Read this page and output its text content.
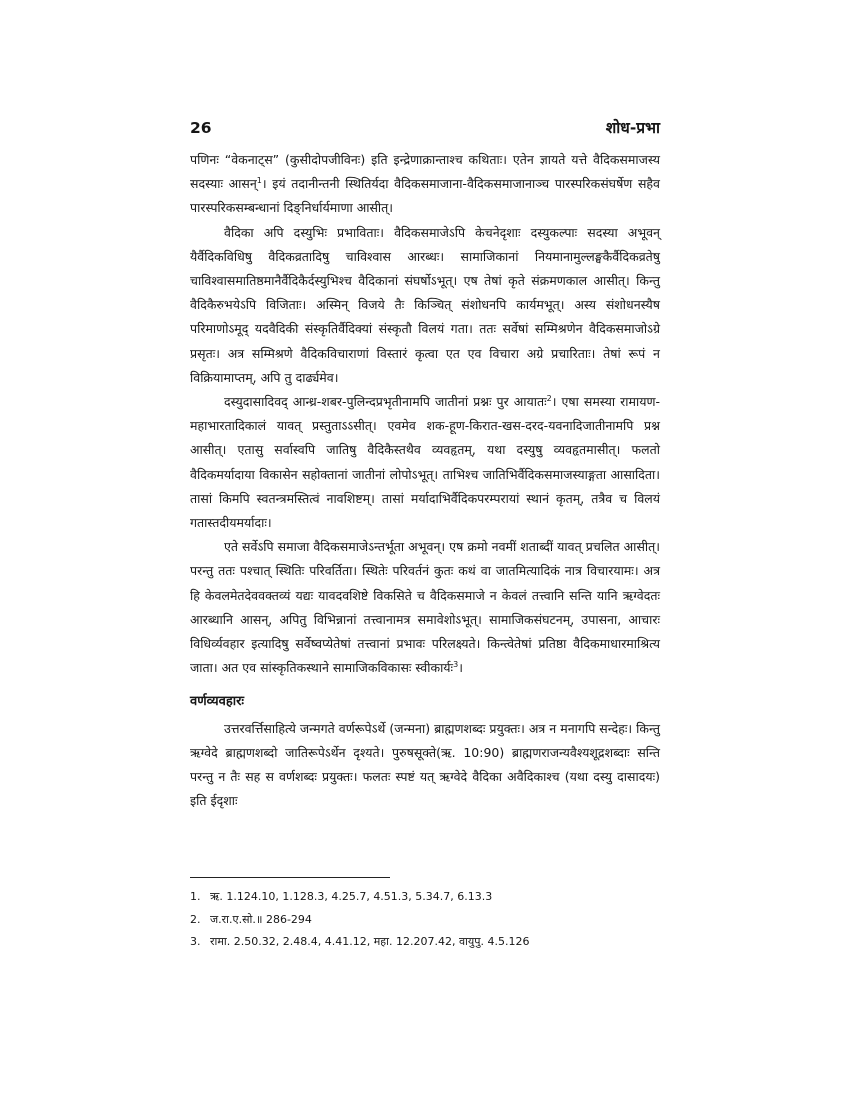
26	शोध-प्रभा

पणिनः “वेकनाट्स” (कुसीदोपजीविनः) इति इन्द्रेणाक्रान्ताश्च कथिताः। एतेन ज्ञायते यत्ते वैदिकसमाजस्य सदस्याः आसन्$^1$। इयं तदानीन्तनी स्थितिर्यदा वैदिकसमाजाना-वैदिकसमाजानाञ्च पारस्परिकसंघर्षेण सहैव पारस्परिकसम्बन्धानां दिङ्निर्धार्यमाणा आसीत्।

वैदिका अपि दस्युभिः प्रभाविताः। वैदिकसमाजेऽपि केचनेदृशाः दस्युकल्पाः सदस्या अभूवन् यैर्वैदिकविधिषु वैदिकव्रतादिषु चाविश्वास आरब्धः। सामाजिकानां नियमानामुल्लङ्घकैर्वैदिकव्रतेषु चाविश्वासमातिष्ठमानैर्वैदिकैर्दस्युभिश्च वैदिकानां संघर्षोऽभूत्। एष तेषां कृते संक्रमणकाल आसीत्। किन्तु वैदिकैरुभयेऽपि विजिताः। अस्मिन् विजये तैः किञ्चित् संशोधनपि कार्यमभूत्। अस्य संशोधनस्यैष परिमाणोऽमूद् यदवैदिकी संस्कृतिर्वैदिक्यां संस्कृतौ विलयं गता। ततः सर्वेषां सम्मिश्रणेन वैदिकसमाजोऽग्रे प्रसृतः। अत्र सम्मिश्रणे वैदिकविचाराणां विस्तारं कृत्वा एत एव विचारा अग्रे प्रचारिताः। तेषां रूपं न विक्रियामाप्तम्, अपि तु दार्ढ्यमेव।

दस्युदासादिवद् आन्ध्र-शबर-पुलिन्दप्रभृतीनामपि जातीनां प्रश्नः पुर आयातः$^2$। एषा समस्या रामायण-महाभारतादिकालं यावत् प्रस्तुताऽऽसीत्। एवमेव शक-हूण-किरात-खस-दरद-यवनादिजातीनामपि प्रश्न आसीत्। एतासु सर्वास्वपि जातिषु वैदिकैस्तथैव व्यवहृतम्, यथा दस्युषु व्यवहृतमासीत्। फलतो वैदिकमर्यादाया विकासेन सहोक्तानां जातीनां लोपोऽभूत्। ताभिश्च जातिभिर्वैदिकसमाजस्याङ्गता आसादिता। तासां किमपि स्वतन्त्रमस्तित्वं नावशिष्टम्। तासां मर्यादाभिर्वैदिकपरम्परायां स्थानं कृतम्, तत्रैव च विलयं गतास्तदीयमर्यादाः।

एते सर्वेऽपि समाजा वैदिकसमाजेऽन्तर्भूता अभूवन्। एष क्रमो नवमीं शताब्दीं यावत् प्रचलित आसीत्। परन्तु ततः पश्चात् स्थितिः परिवर्तिता। स्थितेः परिवर्तनं कुतः कथं वा जातमित्यादिकं नात्र विचारयामः। अत्र हि केवलमेतदेववक्तव्यं यद्यः यावदवशिष्टे विकसिते च वैदिकसमाजे न केवलं तत्त्वानि सन्ति यानि ऋग्वेदतः आरब्धानि आसन्, अपितु विभिन्नानां तत्त्वानामत्र समावेशोऽभूत्। सामाजिकसंघटनम्, उपासना, आचारः विधिर्व्यवहार इत्यादिषु सर्वेष्वप्येतेषां तत्त्वानां प्रभावः परिलक्ष्यते। किन्त्वेतेषां प्रतिष्ठा वैदिकमाधारमाश्रित्य जाता। अत एव सांस्कृतिकस्थाने सामाजिकविकासः स्वीकार्यः$^3$।

वर्णव्यवहारः

उत्तरवर्त्तिसाहित्ये जन्मगते वर्णरूपेऽर्थे (जन्मना) ब्राह्मणशब्दः प्रयुक्तः। अत्र न मनागपि सन्देहः। किन्तु ऋग्वेदे ब्राह्मणशब्दो जातिरूपेऽर्थेन दृश्यते। पुरुषसूक्ते(ऋ. 10:90) ब्राह्मणराजन्यवैश्यशूद्रशब्दाः सन्ति परन्तु न तैः सह स वर्णशब्दः प्रयुक्तः। फलतः स्पष्टं यत् ऋग्वेदे वैदिका अवैदिकाश्च (यथा दस्यु दासादयः) इति ईदृशाः

1. ऋ. 1.124.10, 1.128.3, 4.25.7, 4.51.3, 5.34.7, 6.13.3
2. ज.रा.ए.सो.॥ 286-294
3. रामा. 2.50.32, 2.48.4, 4.41.12, महा. 12.207.42, वायुपु. 4.5.126
